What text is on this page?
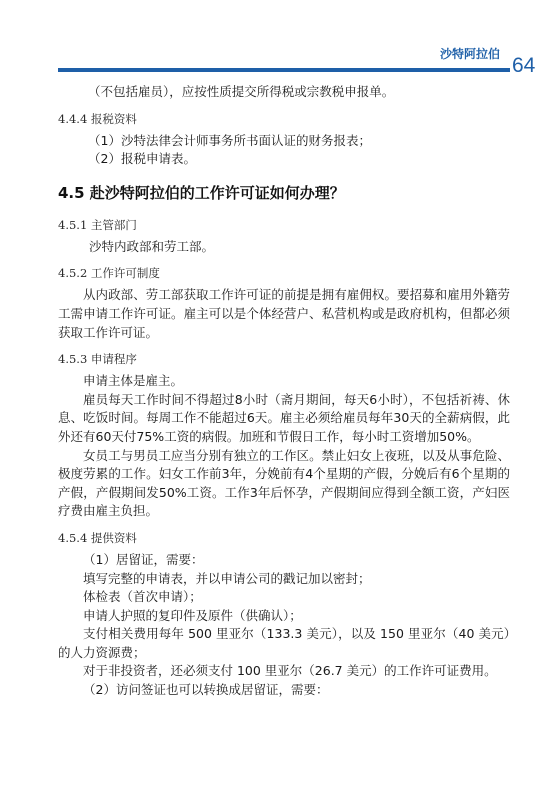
沙特阿拉伯 64

（不包括雇员），应按性质提交所得税或宗教税申报单。

4.4.4 报税资料

（1）沙特法律会计师事务所书面认证的财务报表；

（2）报税申请表。

4.5 赴沙特阿拉伯的工作许可证如何办理？
4.5.1 主管部门

沙特内政部和劳工部。

4.5.2 工作许可制度

从内政部、劳工部获取工作许可证的前提是拥有雇佣权。要招募和雇用外籍劳工需申请工作许可证。雇主可以是个体经营户、私营机构或是政府机构，但都必须获取工作许可证。

4.5.3 申请程序

申请主体是雇主。

雇员每天工作时间不得超过8小时（斋月期间，每天6小时），不包括祈祷、休息、吃饭时间。每周工作不能超过6天。雇主必须给雇员每年30天的全薪病假，此外还有60天付75%工资的病假。加班和节假日工作，每小时工资增加50%。

女员工与男员工应当分别有独立的工作区。禁止妇女上夜班，以及从事危险、极度劳累的工作。妇女工作前3年，分娩前有4个星期的产假，分娩后有6个星期的产假，产假期间发50%工资。工作3年后怀孕，产假期间应得到全额工资，产妇医疗费由雇主负担。

4.5.4 提供资料

（1）居留证，需要：

填写完整的申请表，并以申请公司的戳记加以密封；

体检表（首次申请）；

申请人护照的复印件及原件（供确认）；

支付相关费用每年 500 里亚尔（133.3 美元），以及 150 里亚尔（40 美元）的人力资源费；

对于非投资者，还必须支付 100 里亚尔（26.7 美元）的工作许可证费用。

（2）访问签证也可以转换成居留证，需要：
